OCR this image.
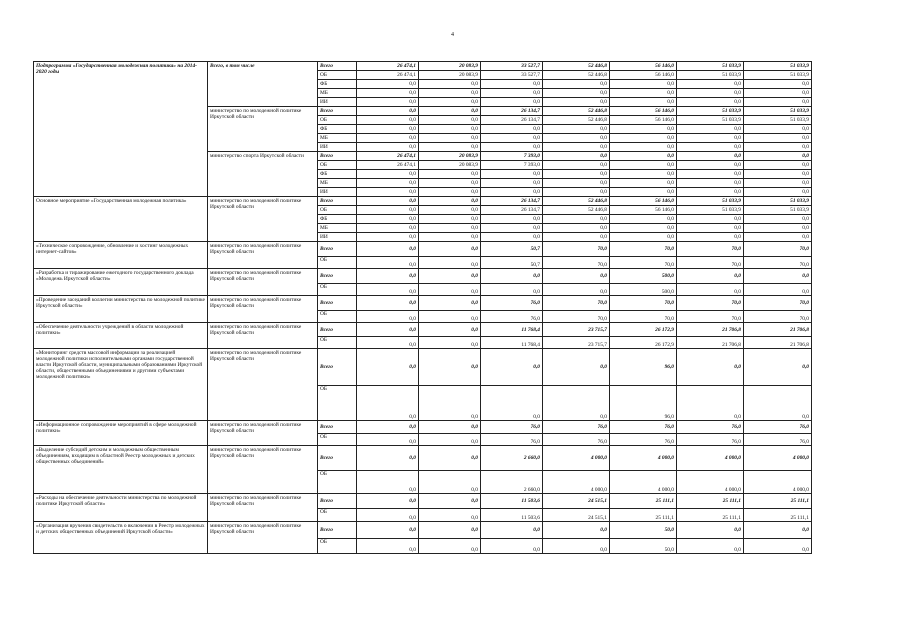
4
Подпрограмма «Государственная молодежная политика» на 2014-2020 годы	Всего, в том числе	Всего	26 474,1	20 083,9	33 527,7	52 446,8	56 146,0	51 033,9	51 033,9
		ОБ	26 474,1	20 083,9	33 527,7	52 446,8	56 146,0	51 033,9	51 033,9
		ФБ	0,0	0,0	0,0	0,0	0,0	0,0	0,0
		МБ	0,0	0,0	0,0	0,0	0,0	0,0	0,0
		ИИ	0,0	0,0	0,0	0,0	0,0	0,0	0,0
	министерство по молодежной политике Иркутской области	Всего	0,0	0,0	26 134,7	52 446,8	56 146,0	51 033,9	51 033,9
		ОБ	0,0	0,0	26 134,7	52 446,8	56 146,0	51 033,9	51 033,9
		ФБ	0,0	0,0	0,0	0,0	0,0	0,0	0,0
		МБ	0,0	0,0	0,0	0,0	0,0	0,0	0,0
		ИИ	0,0	0,0	0,0	0,0	0,0	0,0	0,0
	министерство спорта Иркутской области	Всего	26 474,1	20 083,9	7 393,0	0,0	0,0	0,0	0,0
		ОБ	26 474,1	20 083,9	7 393,0	0,0	0,0	0,0	0,0
		ФБ	0,0	0,0	0,0	0,0	0,0	0,0	0,0
		МБ	0,0	0,0	0,0	0,0	0,0	0,0	0,0
		ИИ	0,0	0,0	0,0	0,0	0,0	0,0	0,0
Основное мероприятие «Государственная молодежная политика»	министерство по молодежной политике Иркутской области	Всего	0,0	0,0	26 134,7	52 446,8	56 146,0	51 033,9	51 033,9
		ОБ	0,0	0,0	26 134,7	52 446,8	56 146,0	51 033,9	51 033,9
		ФБ	0,0	0,0	0,0	0,0	0,0	0,0	0,0
		МБ	0,0	0,0	0,0	0,0	0,0	0,0	0,0
		ИИ	0,0	0,0	0,0	0,0	0,0	0,0	0,0
«Техническое сопровождение, обновление и хостинг молодежных интернет-сайтов»	министерство по молодежной политике Иркутской области	Всего	0,0	0,0	50,7	70,0	70,0	70,0	70,0
		ОБ	0,0	0,0	50,7	70,0	70,0	70,0	70,0
«Разработка и тиражирование ежегодного государственного доклада «Молодежь Иркутской области»	министерство по молодежной политике Иркутской области	Всего	0,0	0,0	0,0	0,0	500,0	0,0	0,0
		ОБ	0,0	0,0	0,0	0,0	500,0	0,0	0,0
«Проведение заседаний коллегии министерства по молодежной политике Иркутской области»	министерство по молодежной политике Иркутской области	Всего	0,0	0,0	76,0	70,0	70,0	70,0	70,0
		ОБ	0,0	0,0	76,0	70,0	70,0	70,0	70,0
«Обеспечение деятельности учреждений в области молодежной политики»	министерство по молодежной политике Иркутской области	Всего	0,0	0,0	11 768,4	23 715,7	26 172,9	21 706,8	21 706,8
		ОБ	0,0	0,0	11 768,4	23 715,7	26 172,9	21 706,8	21 706,8
«Мониторинг средств массовой информации за реализацией молодежной политики исполнительными органами государственной власти Иркутской области, муниципальными образованиями Иркутской области, общественными объединениями и другими субъектами молодежной политики»	министерство по молодежной политике Иркутской области	Всего	0,0	0,0	0,0	0,0	96,0	0,0	0,0
		ОБ	0,0	0,0	0,0	0,0	96,0	0,0	0,0
«Информационное сопровождение мероприятий в сфере молодежной политики»	министерство по молодежной политике Иркутской области	Всего	0,0	0,0	76,0	76,0	76,0	76,0	76,0
		ОБ	0,0	0,0	76,0	76,0	76,0	76,0	76,0
«Выделение субсидий детским и молодежным общественным объединениям, входящим в областной Реестр молодежных и детских общественных объединений»	министерство по молодежной политике Иркутской области	Всего	0,0	0,0	2 660,0	4 000,0	4 000,0	4 000,0	4 000,0
		ОБ	0,0	0,0	2 660,0	4 000,0	4 000,0	4 000,0	4 000,0
«Расходы на обеспечение деятельности министерства по молодежной политике Иркутской области»	министерство по молодежной политике Иркутской области	Всего	0,0	0,0	11 503,6	24 515,1	25 111,1	25 111,1	25 111,1
		ОБ	0,0	0,0	11 503,6	24 515,1	25 111,1	25 111,1	25 111,1
«Организация вручения свидетельств о включении в Реестр молодежных и детских общественных объединений Иркутской области»	министерство по молодежной политике Иркутской области	Всего	0,0	0,0	0,0	0,0	50,0	0,0	0,0
		ОБ	0,0	0,0	0,0	0,0	50,0	0,0	0,0
